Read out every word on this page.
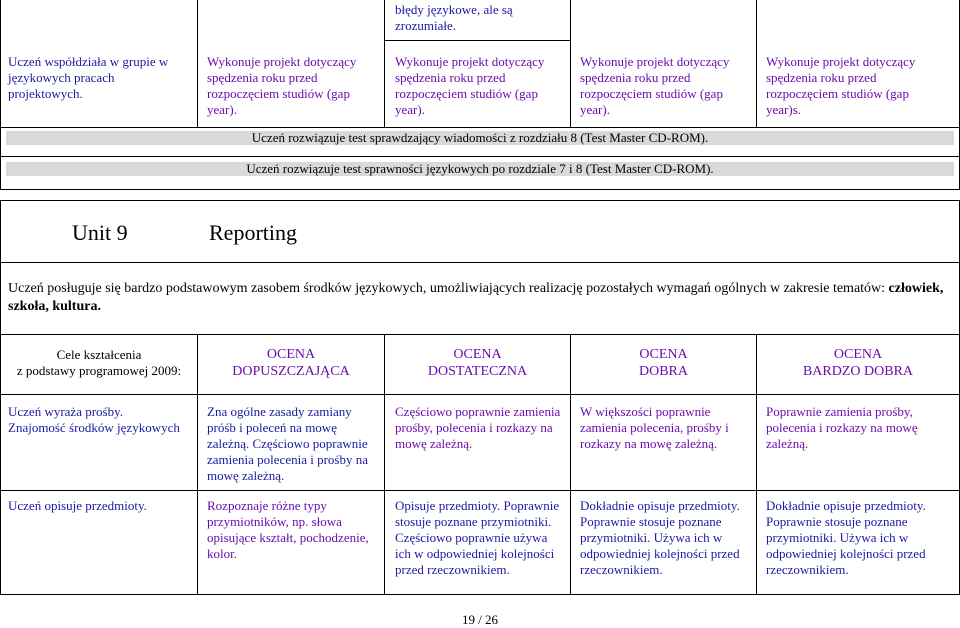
błędy językowe, ale są zrozumiałe.
Uczeń współdziała w grupie w językowych pracach projektowych.
Wykonuje projekt dotyczący spędzenia roku przed rozpoczęciem studiów (gap year).
Wykonuje projekt dotyczący spędzenia roku przed rozpoczęciem studiów (gap year).
Wykonuje projekt dotyczący spędzenia roku przed rozpoczęciem studiów (gap year).
Wykonuje projekt dotyczący spędzenia roku przed rozpoczęciem studiów (gap year)s.
Uczeń rozwiązuje test sprawdzający wiadomości z rozdziału 8 (Test Master CD-ROM).
Uczeń rozwiązuje test sprawności językowych po rozdziale 7 i 8 (Test Master CD-ROM).
Unit 9	Reporting
Uczeń posługuje się bardzo podstawowym zasobem środków językowych, umożliwiających realizację pozostałych wymagań ogólnych w zakresie tematów: człowiek, szkoła, kultura.
Cele kształcenia
z podstawy programowej 2009:
OCENA
DOPUSZCZAJĄCA
OCENA
DOSTATECZNA
OCENA
DOBRA
OCENA
BARDZO DOBRA
Uczeń wyraża prośby.
Znajomość środków językowych
Zna ogólne zasady zamiany próśb i poleceń na mowę zależną. Częściowo poprawnie zamienia polecenia i prośby na mowę zależną.
Częściowo poprawnie zamienia prośby, polecenia i rozkazy na mowę zależną.
W większości poprawnie zamienia polecenia, prośby i rozkazy na mowę zależną.
Poprawnie zamienia prośby, polecenia i rozkazy na mowę zależną.
Uczeń opisuje przedmioty.	Rozpoznaje różne typy przymiotników, np. słowa opisujące kształt, pochodzenie, kolor.
Opisuje przedmioty. Poprawnie stosuje poznane przymiotniki. Częściowo poprawnie używa ich w odpowiedniej kolejności przed rzeczownikiem.
Dokładnie opisuje przedmioty. Poprawnie stosuje poznane przymiotniki. Używa ich w odpowiedniej kolejności przed rzeczownikiem.
Dokładnie opisuje przedmioty. Poprawnie stosuje poznane przymiotniki. Używa ich w odpowiedniej kolejności przed rzeczownikiem.
19 / 26
